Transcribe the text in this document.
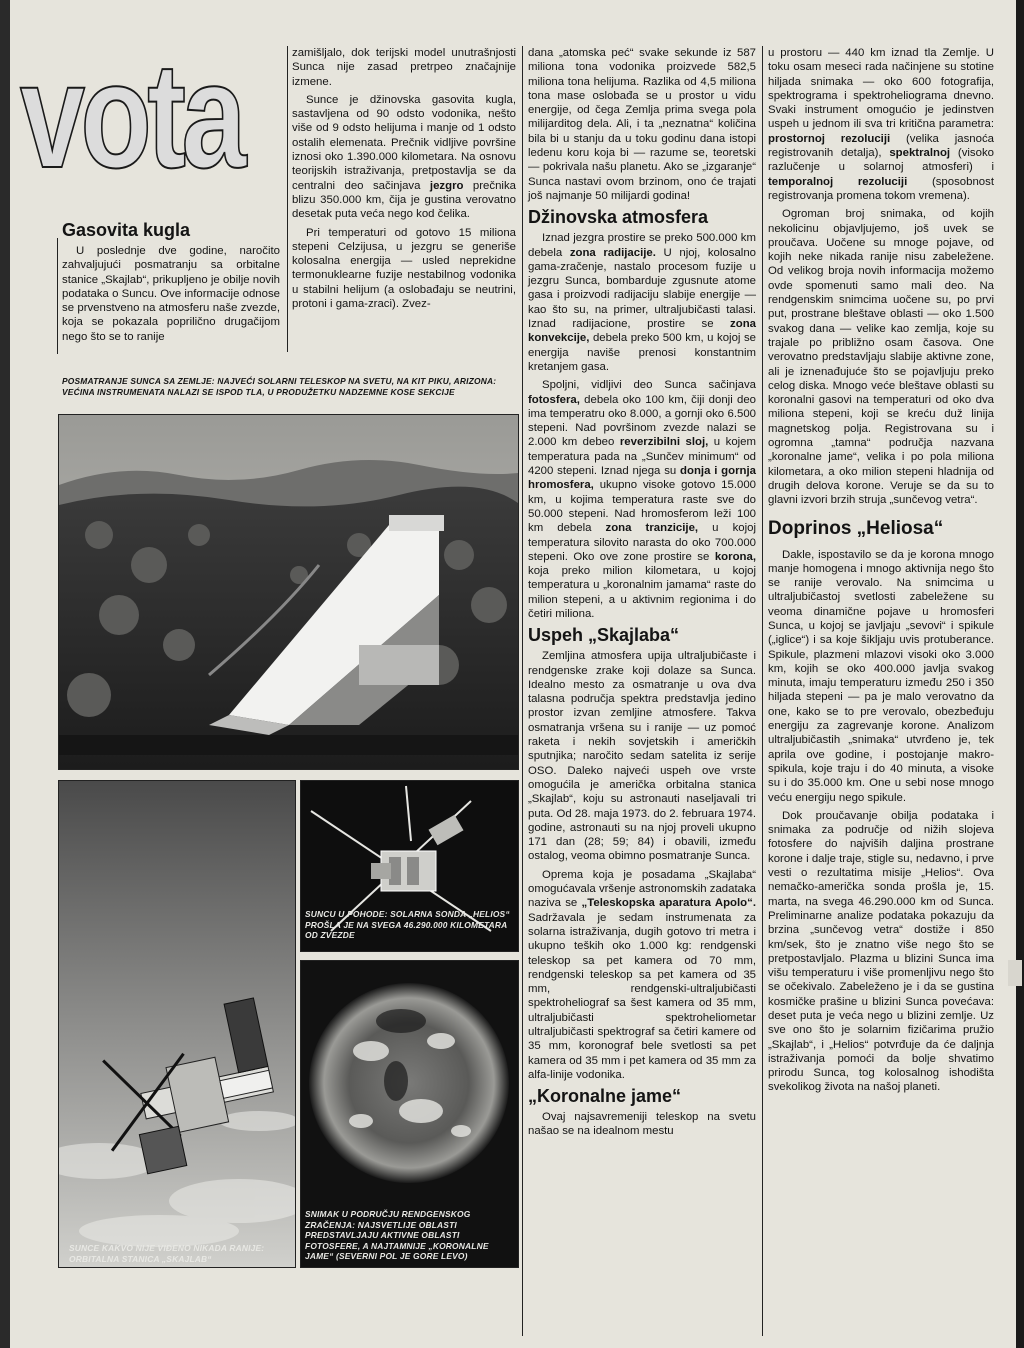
vota
Gasovita kugla

U poslednje dve godine, naročito zahvaljujući posmatranju sa orbitalne stanice „Skajlab“, prikupljeno je obilje novih podataka o Suncu. Ove informacije odnose se prvenstveno na atmosferu naše zvezde, koja se pokazala popriličnо drugačijom nego što se to ranije

zamišljalo, dok terijski model unutrašnjosti Sunca nije zasad pretrpeo značajnije izmene.

Sunce je džinovska gasovita kugla, sastavljena od 90 odsto vodonika, nešto više od 9 odsto helijuma i manje od 1 odsto ostalih elemenata. Prečnik vidljive površine iznosi oko 1.390.000 kilometara. Na osnovu teorijskih istraživanja, pretpostavlja se da centralni deo sačinjava jezgro prečnika blizu 350.000 km, čija je gustina verovatno desetak puta veća nego kod čelika.

Pri temperaturi od gotovo 15 miliona stepeni Celzijusa, u jezgru se generiše kolosalna energija — usled neprekidne termonuklearne fuzije nestabilnog vodonika u stabilni helijum (a oslobađaju se neutrini, protoni i gama-zraci). Zvez-

POSMATRANJE SUNCA SA ZEMLJE: NAJVEĆI SOLARNI TELESKOP NA SVETU, NA KIT PIKU, ARIZONA: VEĆINA INSTRUMENATA NALAZI SE ISPOD TLA, U PRODUŽETKU NADZEMNE KOSE SEKCIJE
SUNCE KAKVO NIJE VIĐENO NIKADA RANIJE: ORBITALNA STANICA „SKAJLAB“
SUNCU U POHODE: SOLARNA SONDA „HELIOS“ PROŠLA JE NA SVEGA 46.290.000 KILOMETARA OD ZVEZDE
SNIMAK U PODRUČJU RENDGENSKOG ZRAČENJA: NAJSVETLIJE OBLASTI PREDSTAVLJAJU AKTIVNE OBLASTI FOTOSFERE, A NAJTAMNIJE „KORONALNE JAME“ (SEVERNI POL JE GORE LEVO)

dana „atomska peć“ svake sekunde iz 587 miliona tona vodonika proizvede 582,5 miliona tona helijuma. Razlika od 4,5 miliona tona mase oslobađa se u prostor u vidu energije, od čega Zemlja prima svega pola milijarditog dela. Ali, i ta „neznatna“ količina bila bi u stanju da u toku godinu dana istopi ledenu koru koja bi — razume se, teoretski — pokrivala našu planetu. Ako se „izgaranje“ Sunca nastavi ovom brzinom, ono će trajati još najmanje 50 milijardi godina!

Džinovska atmosfera

Iznad jezgra prostire se preko 500.000 km debela zona radijacije. U njoj, kolosalno gama-zračenje, nastalo procesom fuzije u jezgru Sunca, bombarduje zgusnute atome gasa i proizvodi radijaciju slabije energije — kao što su, na primer, ultraljubičasti talasi. Iznad radijacione, prostire se zona konvekcije, debela preko 500 km, u kojoj se energija naviše prenosi konstantnim kretanjem gasa.

Spoljni, vidljivi deo Sunca sačinjava fotosfera, debela oko 100 km, čiji donji deo ima temperatru oko 8.000, a gornji oko 6.500 stepeni. Nad površinom zvezde nalazi se 2.000 km debeo reverzibilni sloj, u kojem temperatura pada na „Sunčev minimum“ od 4200 stepeni. Iznad njega su donja i gornja hromosfera, ukupno visoke gotovo 15.000 km, u kojima temperatura raste sve do 50.000 stepeni. Nad hromosferom leži 100 km debela zona tranzicije, u kojoj temperatura silovito narasta do oko 700.000 stepeni. Oko ove zone prostire se korona, koja preko milion kilometara, u kojoj temperatura u „koronalnim jamama“ raste do milion stepeni, a u aktivnim regionima i do četiri miliona.

Uspeh „Skajlaba“

Zemljina atmosfera upija ultraljubičaste i rendgenske zrake koji dolaze sa Sunca. Idealno mesto za osmatranje u ova dva talasna područja spektra predstavlja jedino prostor izvan zemljine atmosfere. Takva osmatranja vršena su i ranije — uz pomoć raketa i nekih sovjetskih i američkih sputnjika; naročito sedam satelita iz serije OSO. Daleko najveći uspeh ove vrste omogućila je američka orbitalna stanica „Skajlab“, koju su astronauti naseljavali tri puta. Od 28. maja 1973. do 2. februara 1974. godine, astronauti su na njoj proveli ukupno 171 dan (28; 59; 84) i obavili, između ostalog, veoma obimno posmatranje Sunca.

Oprema koja je posadama „Skajlaba“ omogućavala vršenje astronomskih zadataka naziva se „Teleskopska aparatura Apolo“. Sadržavala je sedam instrumenata za solarna istraživanja, dugih gotovo tri metra i ukupno teških oko 1.000 kg: rendgenski teleskop sa pet kamera od 70 mm, rendgenski teleskop sa pet kamera od 35 mm, rendgenski-ultraljubičasti spektroheliograf sa šest kamera od 35 mm, ultraljubičasti spektroheliometar ultraljubičasti spektrograf sa četiri kamere od 35 mm, koronograf bele svetlosti sa pet kamera od 35 mm i pet kamera od 35 mm za alfa-linije vodonika.

„Koronalne jame“

Ovaj najsavremeniji teleskop na svetu našao se na idealnom mestu

u prostoru — 440 km iznad tla Zemlje. U toku osam meseci rada načinjene su stotine hiljada snimaka — oko 600 fotografija, spektrograma i spektroheliograma dnevno. Svaki instrument omogućio je jedinstven uspeh u jednom ili sva tri kritična parametra: prostornoj rezoluciji (velika jasnoća registrovanih detalja), spektralnoj (visoko razlučenje u solarnoj atmosferi) i temporalnoj rezoluciji (sposobnost registrovanja promena tokom vremena).

Ogroman broj snimaka, od kojih nekolicinu objavljujemo, još uvek se proučava. Uočene su mnoge pojave, od kojih neke nikada ranije nisu zabeležene. Od velikog broja novih informacija možemo ovde spomenuti samo mali deo. Na rendgenskim snimcima uočene su, po prvi put, prostrane bleštave oblasti — oko 1.500 svakog dana — velike kao zemlja, koje su trajale po približno osam časova. One verovatno predstavljaju slabije aktivne zone, ali je iznenađujuće što se pojavljuju preko celog diska. Mnogo veće bleštave oblasti su koronalni gasovi na temperaturi od oko dva miliona stepeni, koji se kreću duž linija magnetskog polja. Registrovana su i ogromna „tamna“ područja nazvana „koronalne jame“, velika i po pola miliona kilometara, a oko milion stepeni hladnija od drugih delova korone. Veruje se da su to glavni izvori brzih struja „sunčevog vetra“.

Doprinos „Heliosa“

Dakle, ispostavilo se da je korona mnogo manje homogena i mnogo aktivnija nego što se ranije verovalo. Na snimcima u ultraljubičastoj svetlosti zabeležene su veoma dinamične pojave u hromosferi Sunca, u kojoj se javljaju „sevovi“ i spikule („iglice“) i sa koje šikljaju uvis protuberance. Spikule, plazmeni mlazovi visoki oko 3.000 km, kojih se oko 400.000 javlja svakog minuta, imaju temperaturu između 250 i 350 hiljada stepeni — pa je malo verovatno da one, kako se to pre verovalo, obezbeđuju energiju za zagrevanje korone. Analizom ultraljubičastih „snimaka“ utvrđeno je, tek aprila ove godine, i postojanje makro-spikula, koje traju i do 40 minuta, a visoke su i do 35.000 km. One u sebi nose mnogo veću energiju nego spikule.

Dok proučavanje obilja podataka i snimaka za područje od nižih slojeva fotosfere do najviših daljina prostrane korone i dalje traje, stigle su, nedavno, i prve vesti o rezultatima misije „Helios“. Ova nemačko-američka sonda prošla je, 15. marta, na svega 46.290.000 km od Sunca. Preliminarne analize podataka pokazuju da brzina „sunčevog vetra“ dostiže i 850 km/sek, što je znatno više nego što se pretpostavljalo. Plazma u blizini Sunca ima višu temperaturu i više promenljivu nego što se očekivalo. Zabeleženo je i da se gustina kosmičke prašine u blizini Sunca povećava: deset puta je veća nego u blizini zemlje. Uz sve ono što je solarnim fizičarima pružio „Skajlab“, i „Helios“ potvrđuje da će daljnja istraživanja pomoći da bolje shvatimo prirodu Sunca, tog kolosalnog ishodišta svekolikog života na našoj planeti.
